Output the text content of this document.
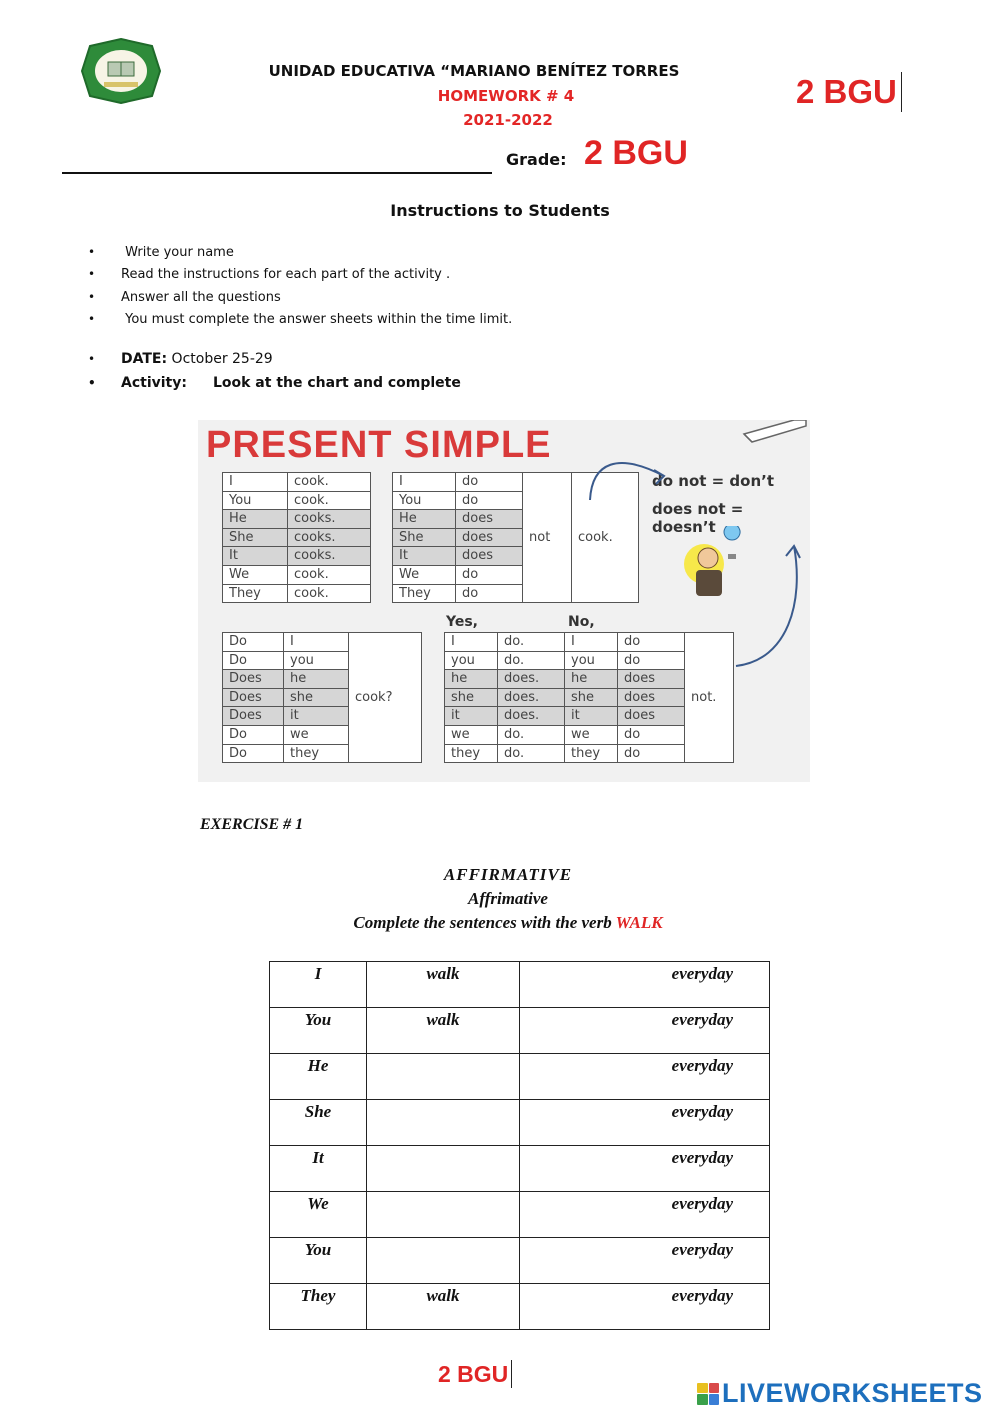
UNIDAD EDUCATIVA “MARIANO BENÍTEZ TORRES
HOMEWORK # 4
2021-2022
2 BGU
Grade: 2 BGU
Instructions to Students
• Write your name
• Read the instructions for each part of the activity .
• Answer all the questions
• You must complete the answer sheets within the time limit.
• DATE: October 25-29
• Activity: Look at the chart and complete
PRESENT SIMPLE
I	cook.
You	cook.
He	cooks.
She	cooks.
It	cooks.
We	cook.
They	cook.
I	do	not	cook.
You	do		
He	does		
She	does		
It	does		
We	do		
They	do		
do not = don’t
does not = doesn’t
Do	I	cook?
Do	you	
Does	he	
Does	she	
Does	it	
Do	we	
Do	they	
Yes,	No,
I	do.	I	do	not.
you	do.	you	do	
he	does.	he	does	
she	does.	she	does	
it	does.	it	does	
we	do.	we	do	
they	do.	they	do	
EXERCISE # 1
AFFIRMATIVE
Affrimative
Complete the sentences with the verb WALK
I	walk	everyday
You	walk	everyday
He		everyday
She		everyday
It		everyday
We		everyday
You		everyday
They	walk	everyday
2 BGU
LIVEWORKSHEETS
